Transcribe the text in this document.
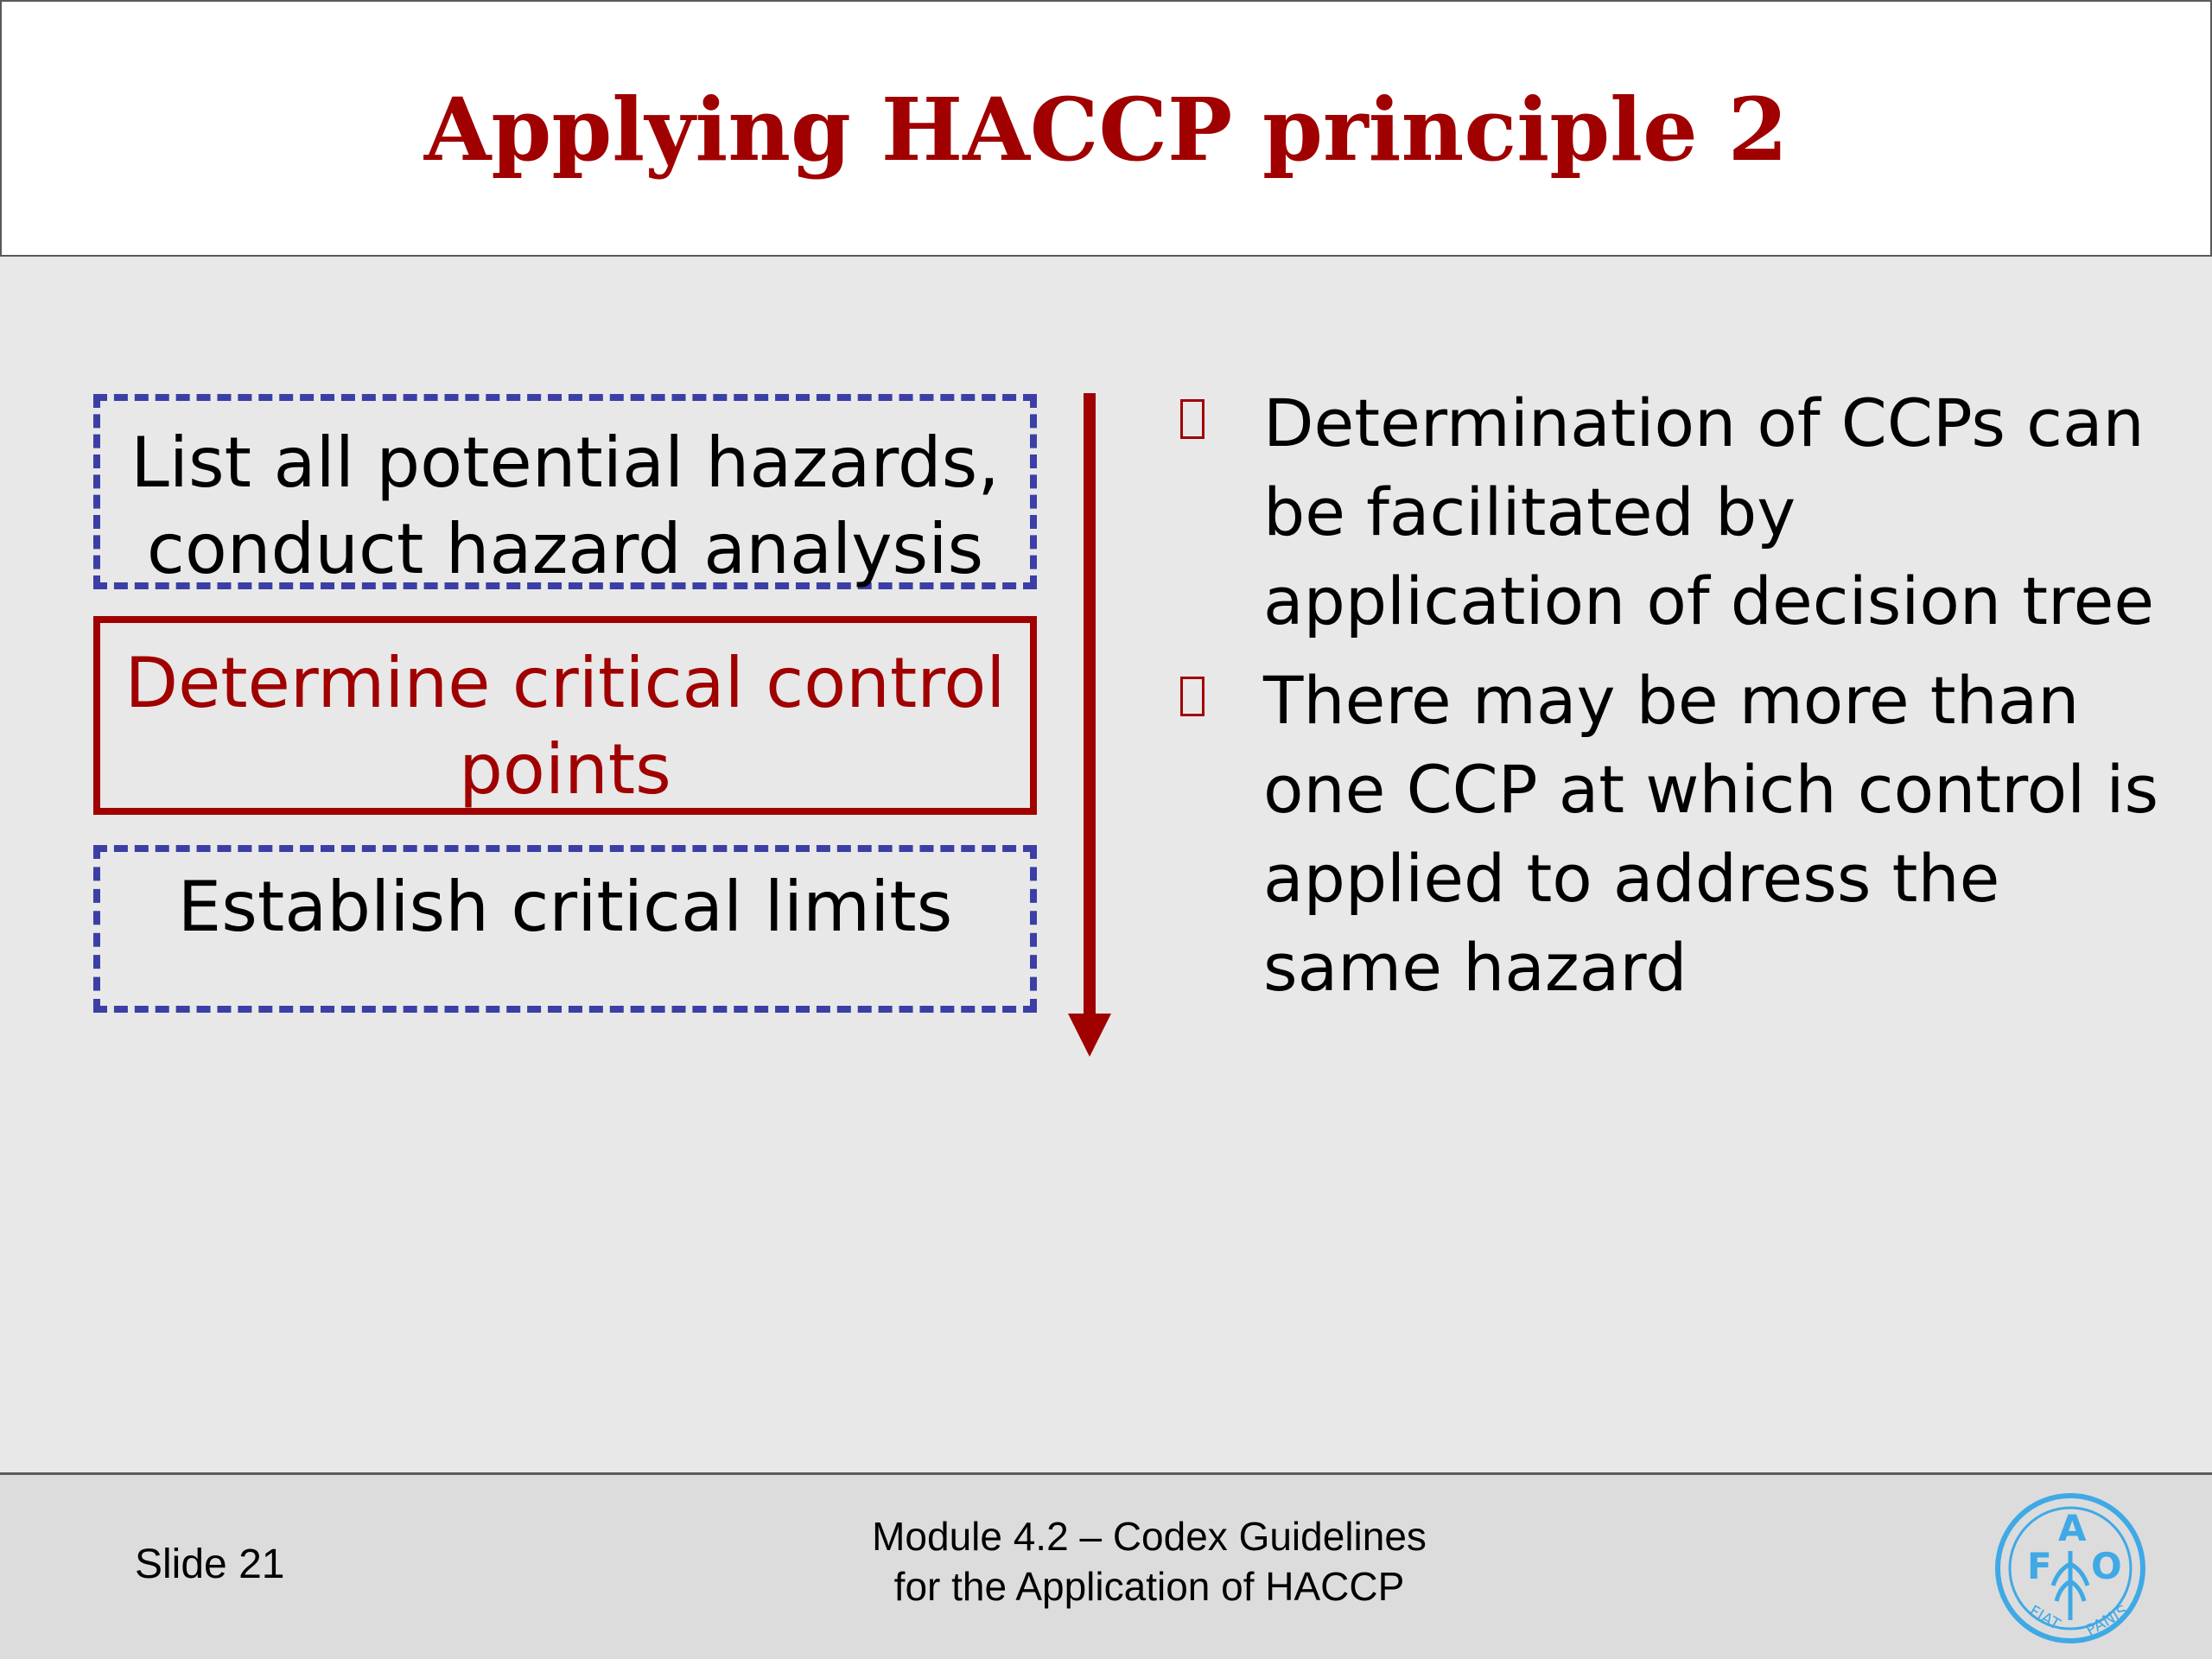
Applying HACCP principle 2
List all potential hazards, conduct hazard analysis
Determine critical control points
Establish critical limits
Determination of CCPs can be facilitated by application of decision tree
There may be more than one CCP at which control is applied to address the same hazard
Slide 21
Module 4.2 – Codex Guidelines
for the Application of HACCP	F
A
O
FIAT PANIS
